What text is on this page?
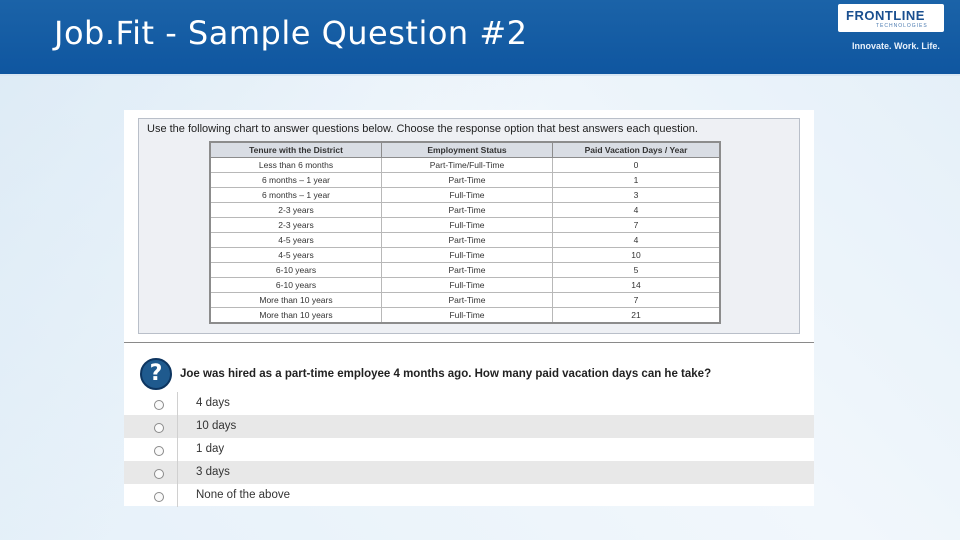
Job.Fit - Sample Question #2	FRONTLINE
TECHNOLOGIES
Innovate. Work. Life.
Use the following chart to answer questions below. Choose the response option that best answers each question.
Tenure with the District	Employment Status	Paid Vacation Days / Year
Less than 6 months	Part-Time/Full-Time	0
6 months – 1 year	Part-Time	1
6 months – 1 year	Full-Time	3
2-3 years	Part-Time	4
2-3 years	Full-Time	7
4-5 years	Part-Time	4
4-5 years	Full-Time	10
6-10 years	Part-Time	5
6-10 years	Full-Time	14
More than 10 years	Part-Time	7
More than 10 years	Full-Time	21
?	Joe was hired as a part-time employee 4 months ago. How many paid vacation days can he take?
4 days
10 days
1 day
3 days
None of the above
